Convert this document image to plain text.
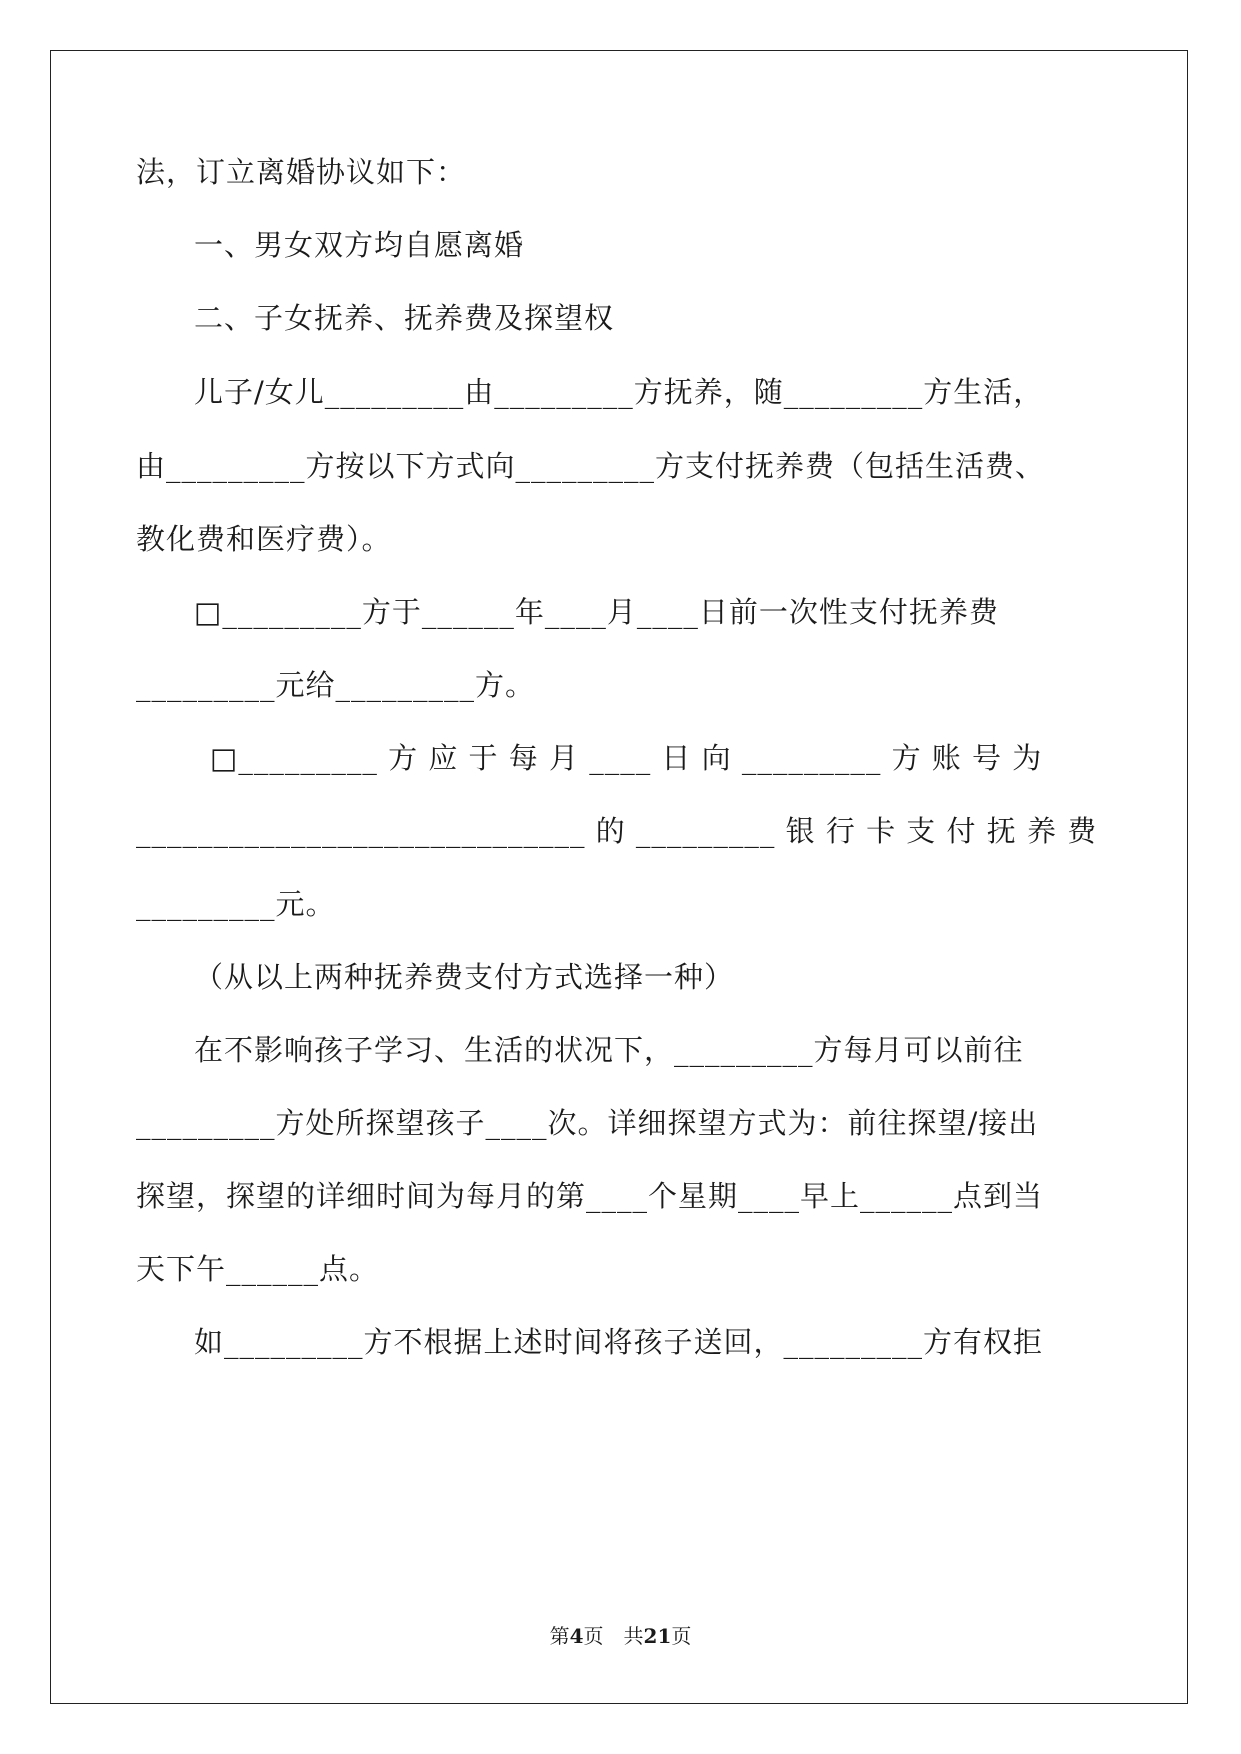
法，订立离婚协议如下：
一、男女双方均自愿离婚
二、子女抚养、抚养费及探望权
儿子/女儿_________由_________方抚养，随_________方生活，
由_________方按以下方式向_________方支付抚养费（包括生活费、
教化费和医疗费）。
□_________方于______年____月____日前一次性支付抚养费
_________元给_________方。
□_________ 方 应 于 每 月 ____ 日 向 _________ 方 账 号 为
_____________________________ 的 _________ 银 行 卡 支 付 抚 养 费
_________元。
（从以上两种抚养费支付方式选择一种）
在不影响孩子学习、生活的状况下，_________方每月可以前往
_________方处所探望孩子____次。详细探望方式为：前往探望/接出
探望，探望的详细时间为每月的第____个星期____早上______点到当
天下午______点。
如_________方不根据上述时间将孩子送回，_________方有权拒
第4页　共21页
